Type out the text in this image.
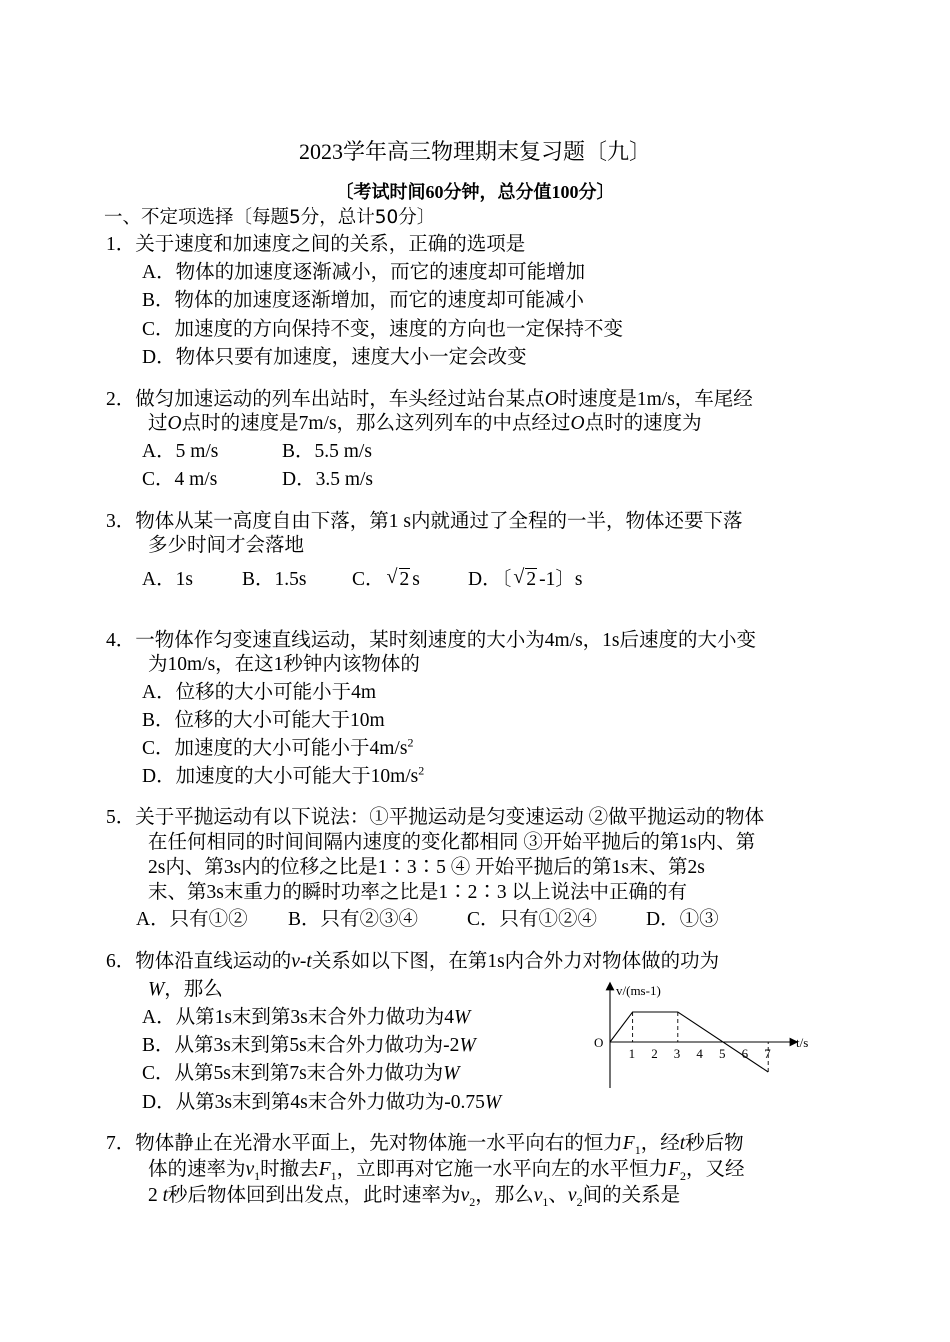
2023学年高三物理期末复习题〔九〕
〔考试时间60分钟，总分值100分〕
一、不定项选择〔每题5分，总计50分〕
1．关于速度和加速度之间的关系，正确的选项是
A．物体的加速度逐渐减小，而它的速度却可能增加
B．物体的加速度逐渐增加，而它的速度却可能减小
C．加速度的方向保持不变，速度的方向也一定保持不变
D．物体只要有加速度，速度大小一定会改变
2．做匀加速运动的列车出站时，车头经过站台某点O时速度是1m/s，车尾经
过O点时的速度是7m/s，那么这列列车的中点经过O点时的速度为
A．5 m/s	B．5.5 m/s
C．4 m/s	D．3.5 m/s
3．物体从某一高度自由下落，第1 s内就通过了全程的一半，物体还要下落
多少时间才会落地
A．1s	B．1.5s C． √ 2 s D．〔 √ 2 -1〕s
4．一物体作匀变速直线运动，某时刻速度的大小为4m/s，1s后速度的大小变
为10m/s，在这1秒钟内该物体的
A．位移的大小可能小于4m
B．位移的大小可能大于10m
C．加速度的大小可能小于$4m/s^2$
D．加速度的大小可能大于$10m/s^2$
5．关于平抛运动有以下说法：①平抛运动是匀变速运动 ②做平抛运动的物体
在任何相同的时间间隔内速度的变化都相同 ③开始平抛后的第1s内、第
2s内、第3s内的位移之比是1∶3∶5 ④ 开始平抛后的第1s末、第2s
末、第3s末重力的瞬时功率之比是1∶2∶3 以上说法中正确的有
A．只有①② B．只有②③④	C．只有①②④	D．①③
6．物体沿直线运动的v-t关系如以下图，在第1s内合外力对物体做的功为
W，那么
A．从第1s末到第3s末合外力做功为4W
B．从第3s末到第5s末合外力做功为-2W
C．从第5s末到第7s末合外力做功为W
D．从第3s末到第4s末合外力做功为-0.75W
v/(ms-1)
t/s
O
1 2 3 4 5 6 7
7．物体静止在光滑水平面上，先对物体施一水平向右的恒力$F_1$，经t秒后物
体的速率为$v_1$时撤去$F_1$，立即再对它施一水平向左的水平恒力$F_2$，又经
2 t秒后物体回到出发点，此时速率为$v_2$，那么$v_1$、$v_2$间的关系是
